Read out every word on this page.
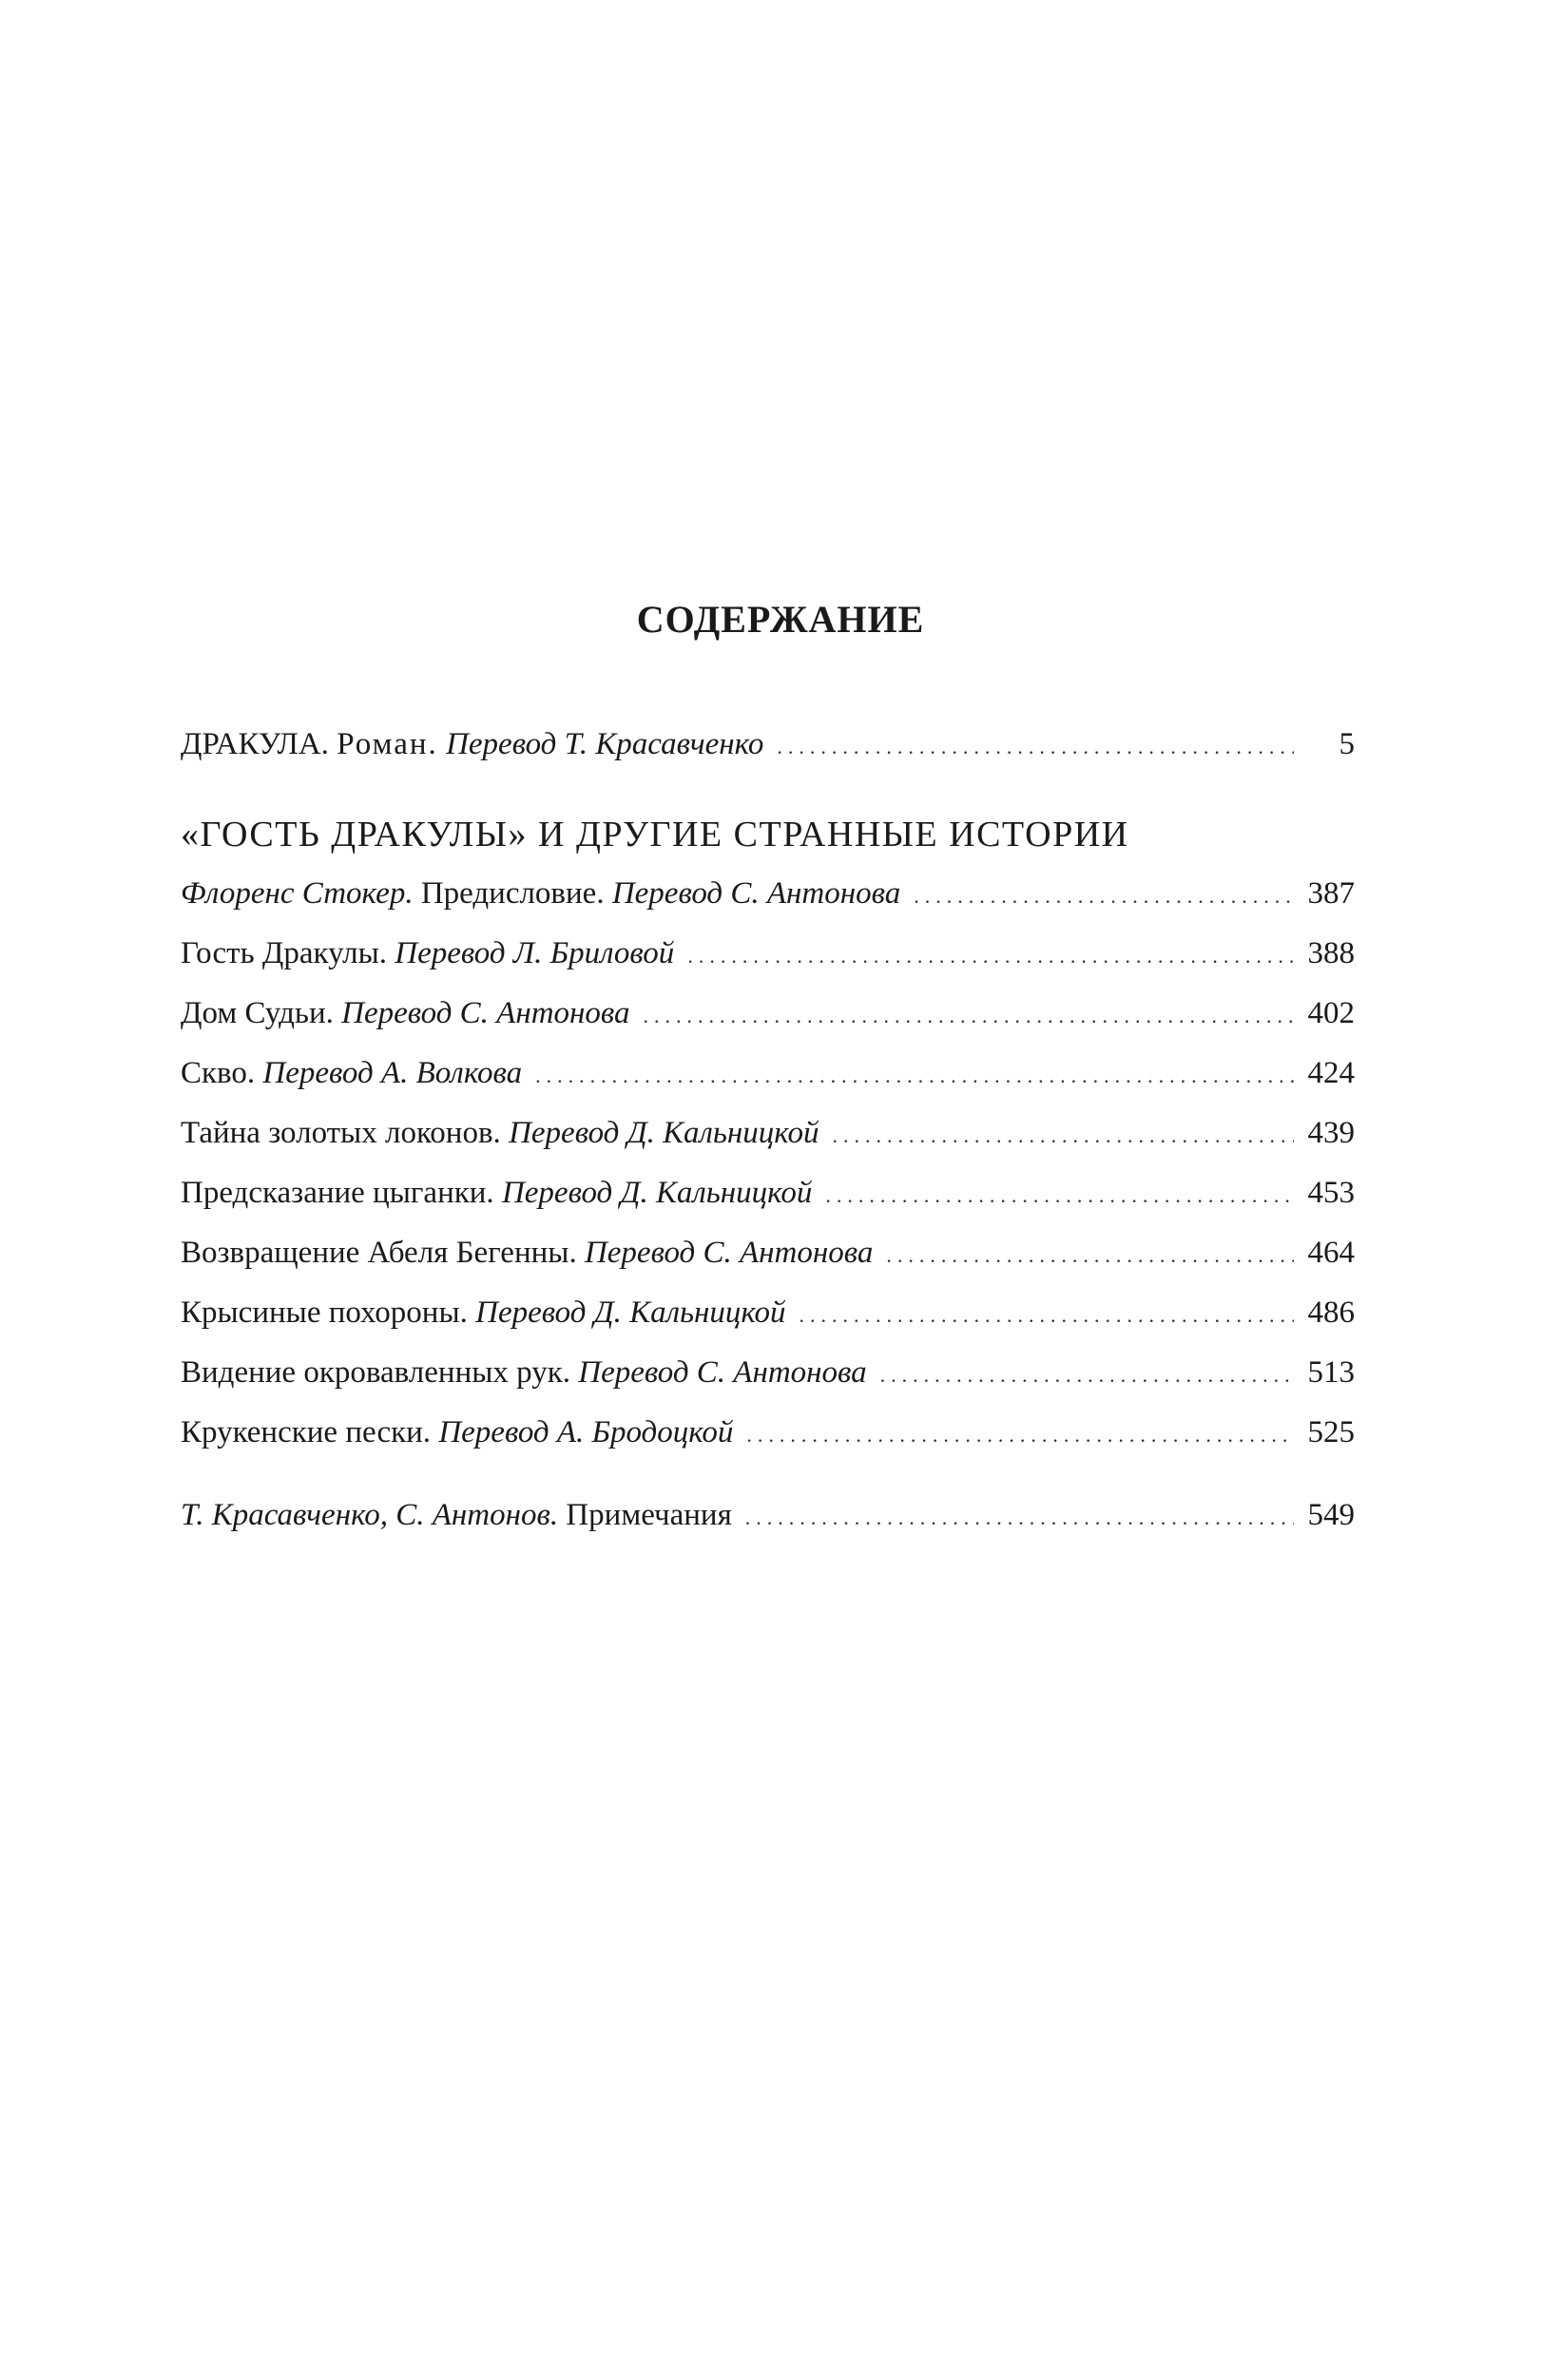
СОДЕРЖАНИЕ
ДРАКУЛА. Роман. Перевод Т. Красавченко .....	5
«ГОСТЬ ДРАКУЛЫ» И ДРУГИЕ СТРАННЫЕ ИСТОРИИ
Флоренс Стокер. Предисловие. Перевод С. Антонова .....	387
Гость Дракулы. Перевод Л. Бриловой .....	388
Дом Судьи. Перевод С. Антонова .....	402
Скво. Перевод А. Волкова .....	424
Тайна золотых локонов. Перевод Д. Кальницкой .....	439
Предсказание цыганки. Перевод Д. Кальницкой .....	453
Возвращение Абеля Бегенны. Перевод С. Антонова .....	464
Крысиные похороны. Перевод Д. Кальницкой .....	486
Видение окровавленных рук. Перевод С. Антонова .....	513
Крукенские пески. Перевод А. Бродоцкой .....	525
Т. Красавченко, С. Антонов. Примечания .....	549
